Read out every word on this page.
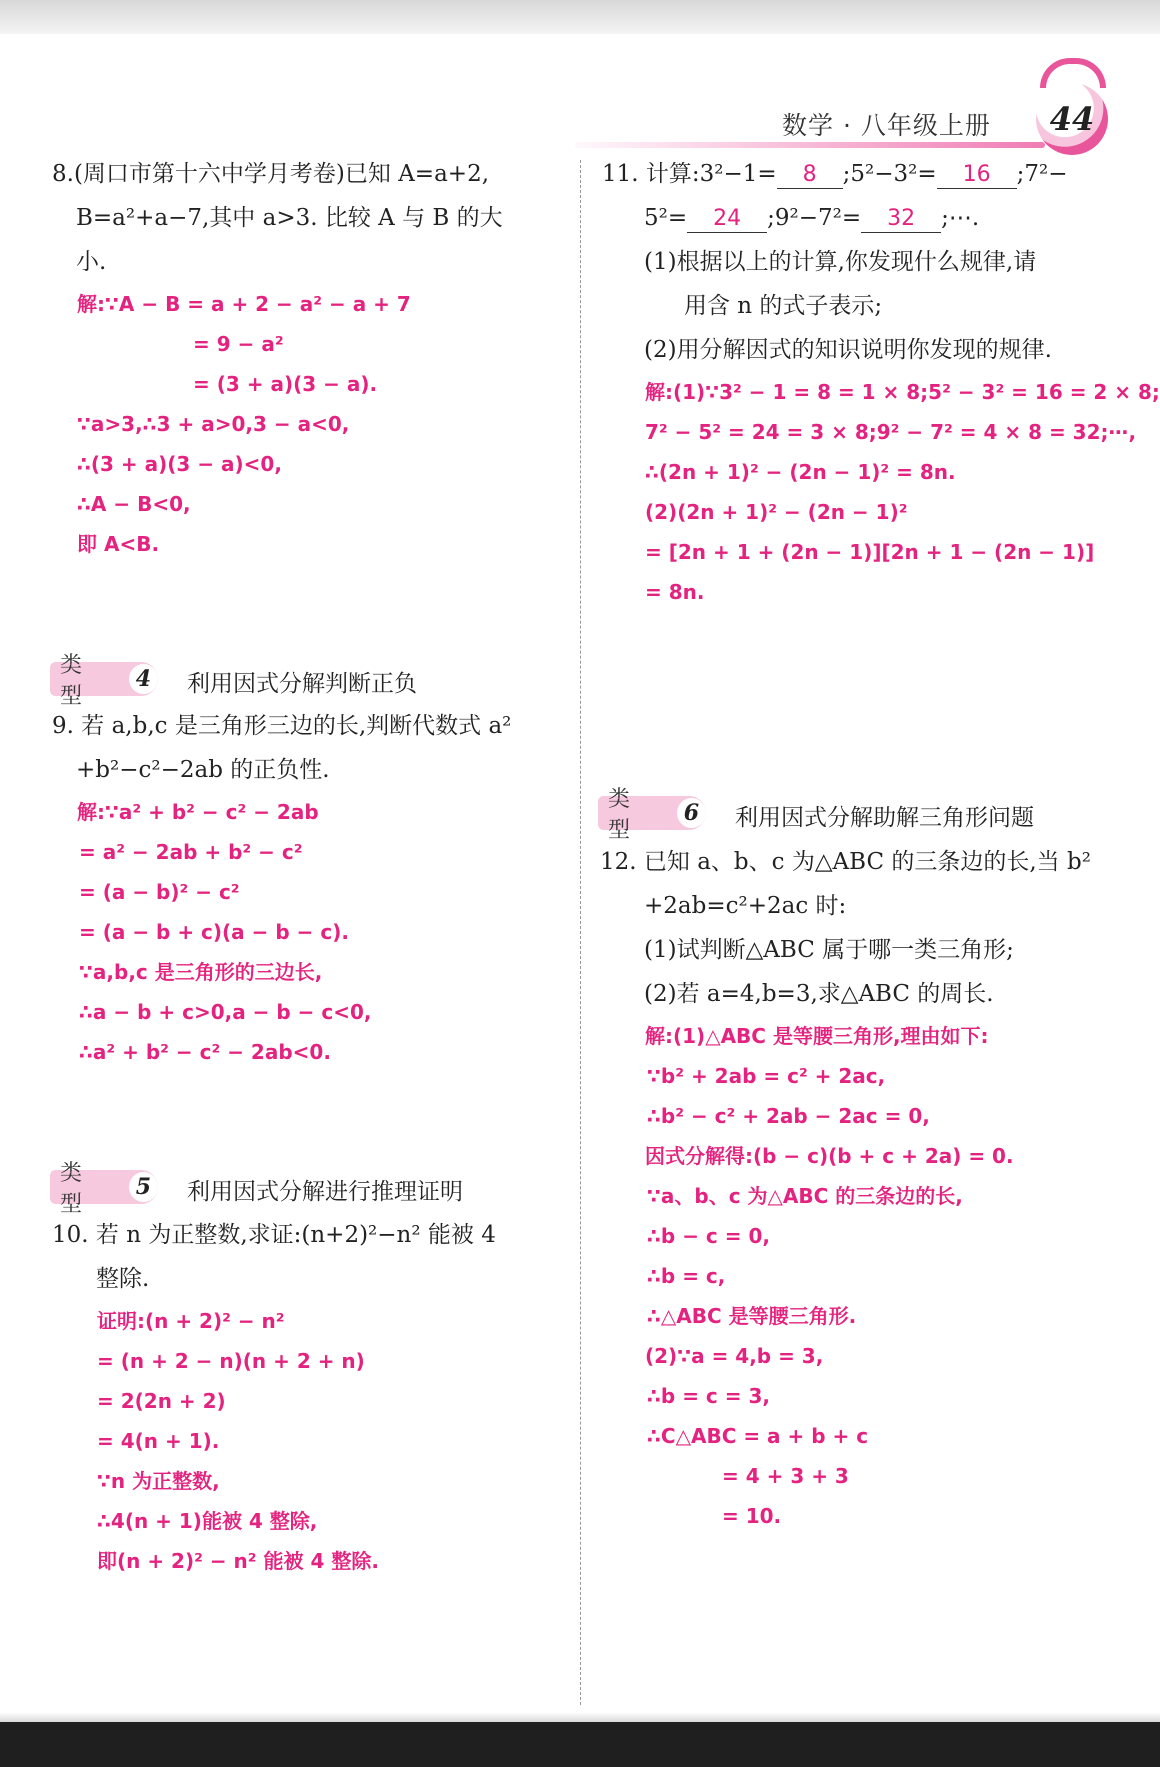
44
数学 · 八年级上册
8.(周口市第十六中学月考卷)已知 A=a+2,
B=a²+a−7,其中 a>3. 比较 A 与 B 的大
小.
解:∵A − B = a + 2 − a² − a + 7
= 9 − a²
= (3 + a)(3 − a).
∵a>3,∴3 + a>0,3 − a<0,
∴(3 + a)(3 − a)<0,
∴A − B<0,
即 A<B.
类 型
4 利用因式分解判断正负
9. 若 a,b,c 是三角形三边的长,判断代数式 a²
+b²−c²−2ab 的正负性.
解:∵a² + b² − c² − 2ab
= a² − 2ab + b² − c²
= (a − b)² − c²
= (a − b + c)(a − b − c).
∵a,b,c 是三角形的三边长,
∴a − b + c>0,a − b − c<0,
∴a² + b² − c² − 2ab<0.
类 型
5 利用因式分解进行推理证明
10. 若 n 为正整数,求证:(n+2)²−n² 能被 4
整除.
证明:(n + 2)² − n²
= (n + 2 − n)(n + 2 + n)
= 2(2n + 2)
= 4(n + 1).
∵n 为正整数,
∴4(n + 1)能被 4 整除,
即(n + 2)² − n² 能被 4 整除.
11. 计算:3²−1= 8 ;5²−3²= 16 ;7²−
5²= 24 ;9²−7²= 32 ;⋯.
(1)根据以上的计算,你发现什么规律,请
用含 n 的式子表示;
(2)用分解因式的知识说明你发现的规律.
解:(1)∵3² − 1 = 8 = 1 × 8;5² − 3² = 16 = 2 × 8;
7² − 5² = 24 = 3 × 8;9² − 7² = 4 × 8 = 32;⋯,
∴(2n + 1)² − (2n − 1)² = 8n.
(2)(2n + 1)² − (2n − 1)²
= [2n + 1 + (2n − 1)][2n + 1 − (2n − 1)]
= 8n.
类 型
6 利用因式分解助解三角形问题
12. 已知 a、b、c 为△ABC 的三条边的长,当 b²
+2ab=c²+2ac 时:
(1)试判断△ABC 属于哪一类三角形;
(2)若 a=4,b=3,求△ABC 的周长.
解:(1)△ABC 是等腰三角形,理由如下:
∵b² + 2ab = c² + 2ac,
∴b² − c² + 2ab − 2ac = 0,
因式分解得:(b − c)(b + c + 2a) = 0.
∵a、b、c 为△ABC 的三条边的长,
∴b − c = 0,
∴b = c,
∴△ABC 是等腰三角形.
(2)∵a = 4,b = 3,
∴b = c = 3,
∴C△ABC = a + b + c
= 4 + 3 + 3
= 10.
